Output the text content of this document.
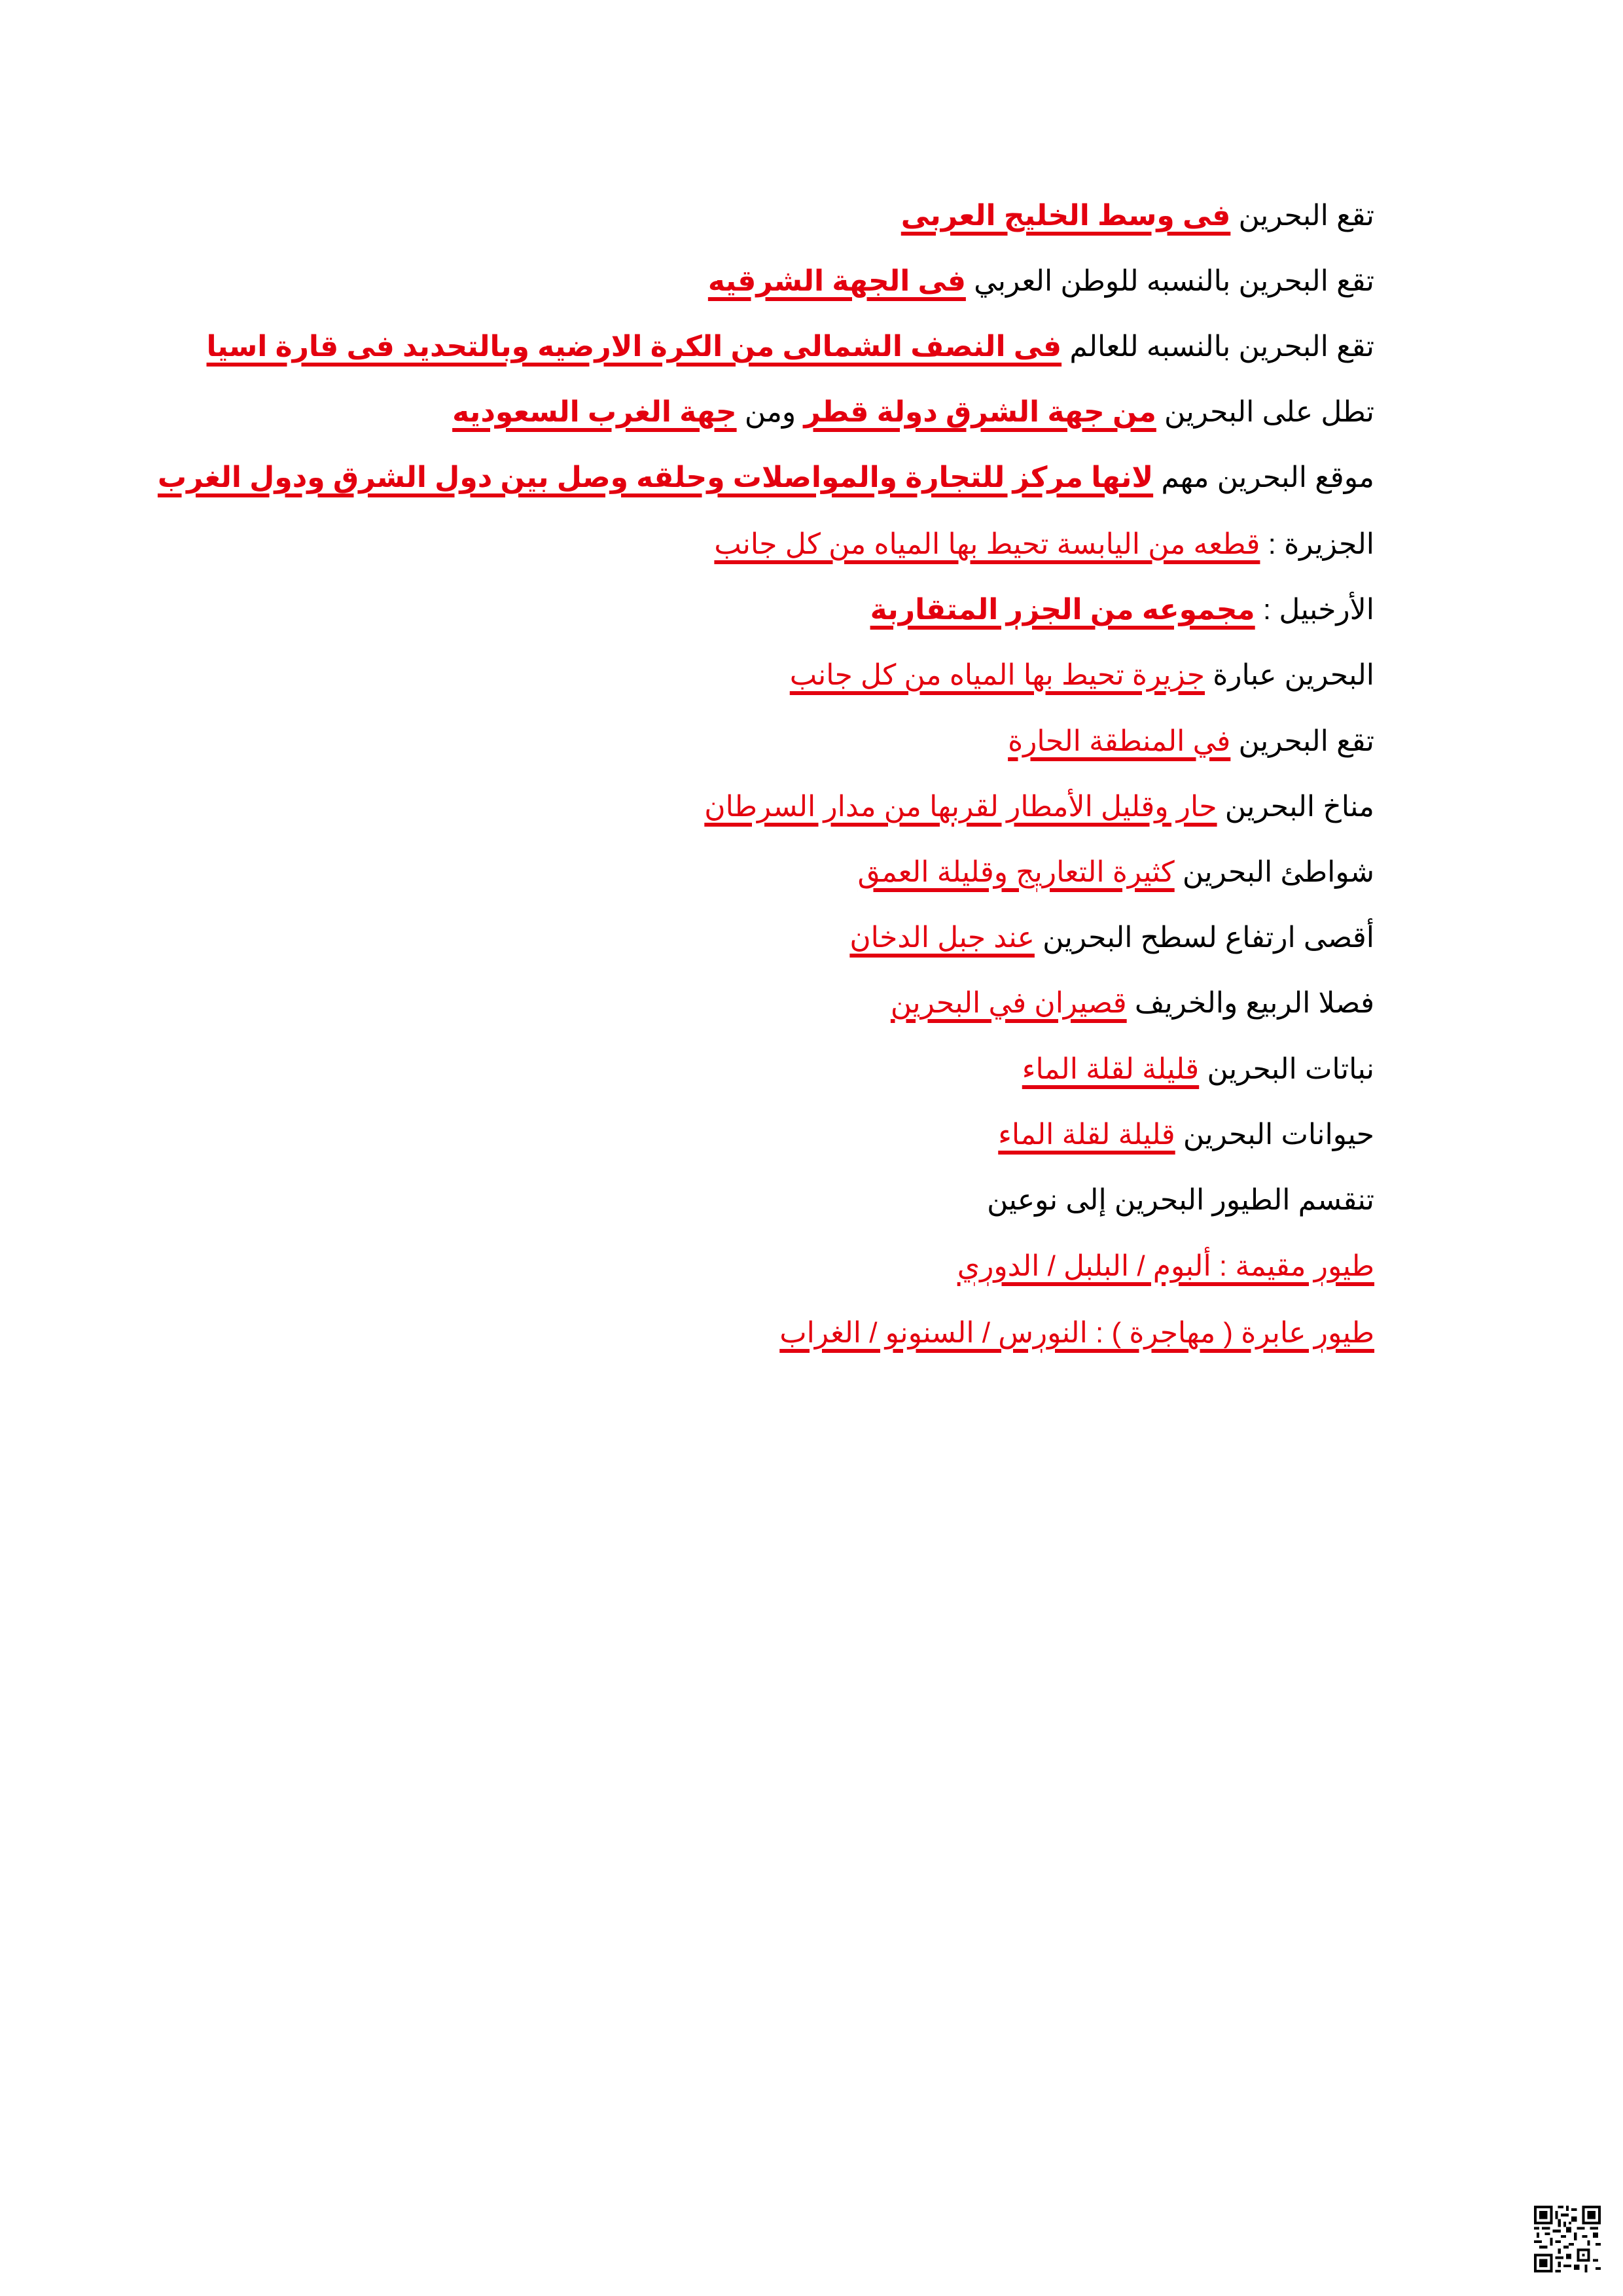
تقع البحرين فى وسط الخليج العربى
تقع البحرين بالنسبه للوطن العربي فى الجهة الشرقيه
تقع البحرين بالنسبه للعالم فى النصف الشمالى من الكرة الارضيه وبالتحديد فى قارة اسيا
تطل على البحرين من جهة الشرق دولة قطر ومن جهة الغرب السعوديه
موقع البحرين مهم لانها مركز للتجارة والمواصلات وحلقه وصل بين دول الشرق ودول الغرب
الجزيرة : قطعه من اليابسة تحيط بها المياه من كل جانب
الأرخبيل : مجموعه من الجزر المتقاربة
البحرين عبارة جزيرة تحيط بها المياه من كل جانب
تقع البحرين في المنطقة الحارة
مناخ البحرين حار وقليل الأمطار لقربها من مدار السرطان
شواطئ البحرين كثيرة التعاريج وقليلة العمق
أقصى ارتفاع لسطح البحرين عند جبل الدخان
فصلا الربيع والخريف قصيران في البحرين
نباتات البحرين قليلة لقلة الماء
حيوانات البحرين قليلة لقلة الماء
تنقسم الطيور البحرين إلى نوعين
طيور مقيمة : ألبوم / البلبل / الدوري
طيور عابرة ( مهاجرة ) : النورس / السنونو / الغراب
